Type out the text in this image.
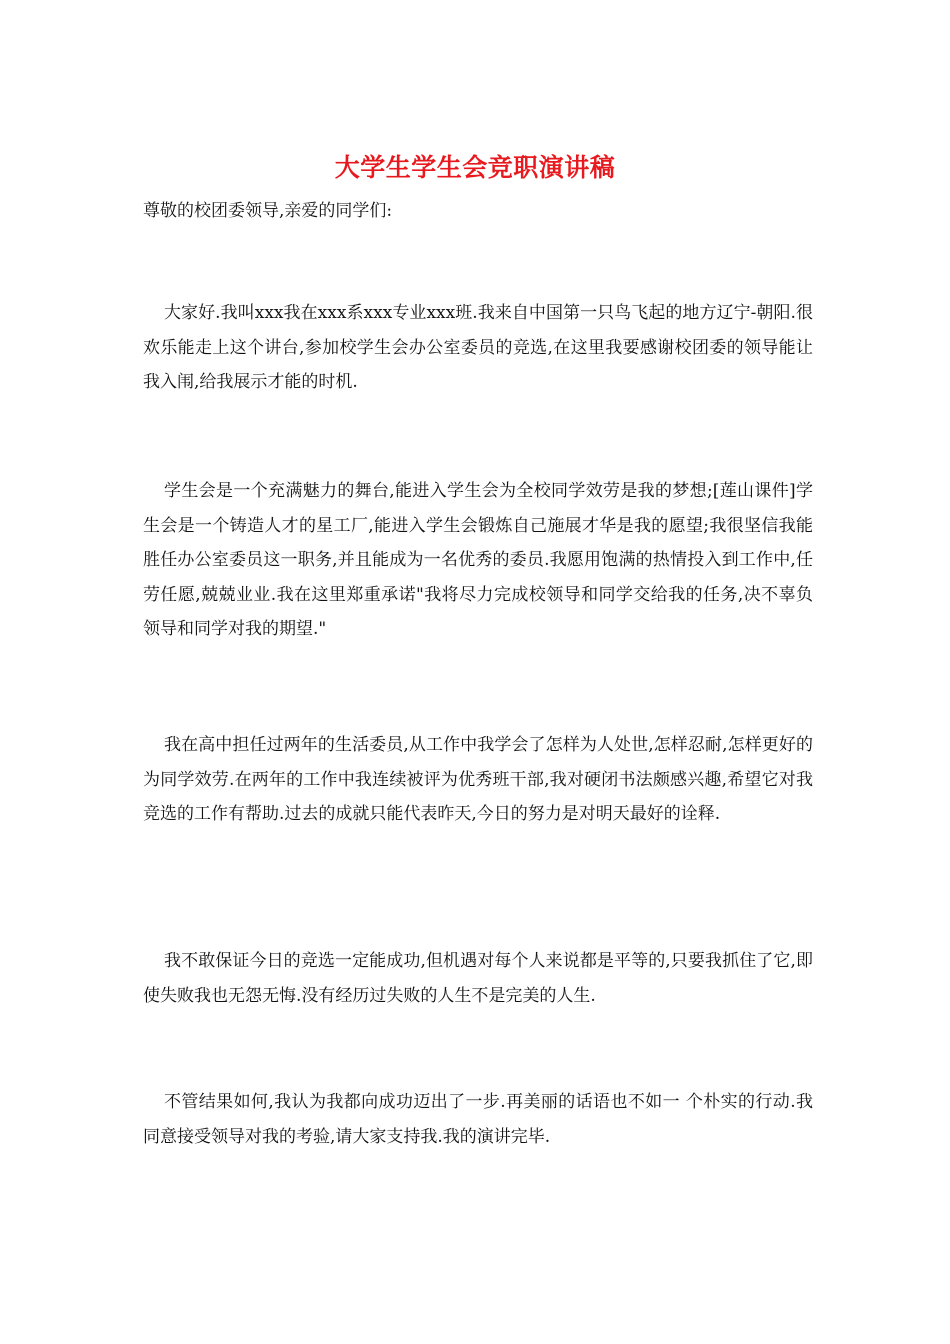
大学生学生会竞职演讲稿
尊敬的校团委领导,亲爱的同学们:

大家好.我叫xxx我在xxx系xxx专业xxx班.我来自中国第一只鸟飞起的地方辽宁-朝阳.很欢乐能走上这个讲台,参加校学生会办公室委员的竞选,在这里我要感谢校团委的领导能让我入闱,给我展示才能的时机.

学生会是一个充满魅力的舞台,能进入学生会为全校同学效劳是我的梦想;[莲山课件]学生会是一个铸造人才的星工厂,能进入学生会锻炼自己施展才华是我的愿望;我很坚信我能胜任办公室委员这一职务,并且能成为一名优秀的委员.我愿用饱满的热情投入到工作中,任劳任愿,兢兢业业.我在这里郑重承诺"我将尽力完成校领导和同学交给我的任务,决不辜负领导和同学对我的期望."

我在高中担任过两年的生活委员,从工作中我学会了怎样为人处世,怎样忍耐,怎样更好的为同学效劳.在两年的工作中我连续被评为优秀班干部,我对硬闭书法颇感兴趣,希望它对我竞选的工作有帮助.过去的成就只能代表昨天,今日的努力是对明天最好的诠释.

我不敢保证今日的竞选一定能成功,但机遇对每个人来说都是平等的,只要我抓住了它,即使失败我也无怨无悔.没有经历过失败的人生不是完美的人生.

不管结果如何,我认为我都向成功迈出了一步.再美丽的话语也不如一 个朴实的行动.我同意接受领导对我的考验,请大家支持我.我的演讲完毕.
